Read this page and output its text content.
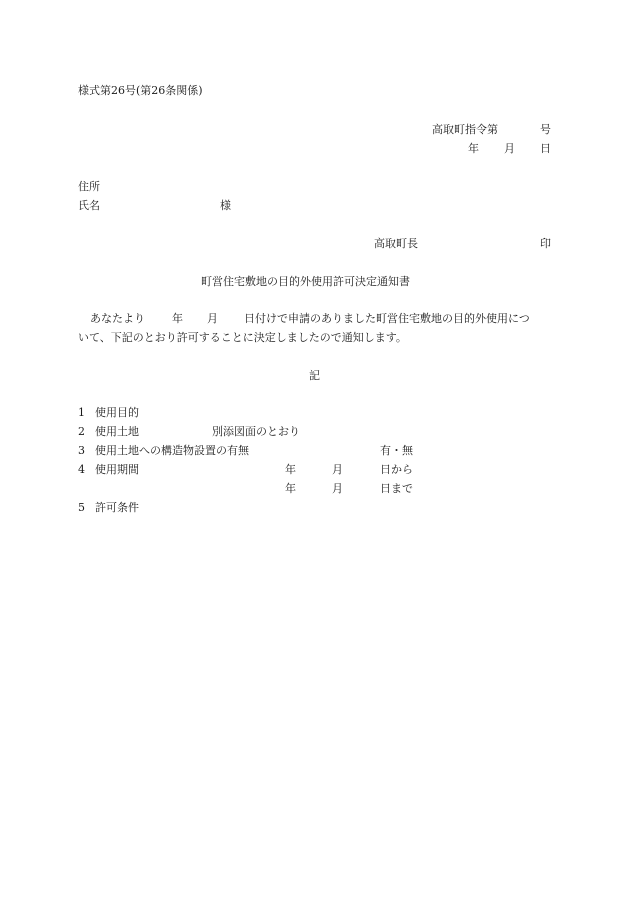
様式第26号(第26条関係)
高取町指令第	号
年 月 日
住所
氏名	様
高取町長	印
町営住宅敷地の目的外使用許可決定通知書
あなたより 年 月 日付けで申請のありました町営住宅敷地の目的外使用につ
いて、下記のとおり許可することに決定しましたので通知します。
記
1 使用目的
2 使用土地	別添図面のとおり
3 使用土地への構造物設置の有無	有・無
4 使用期間	年	月	日から
年	月	日まで
5 許可条件
